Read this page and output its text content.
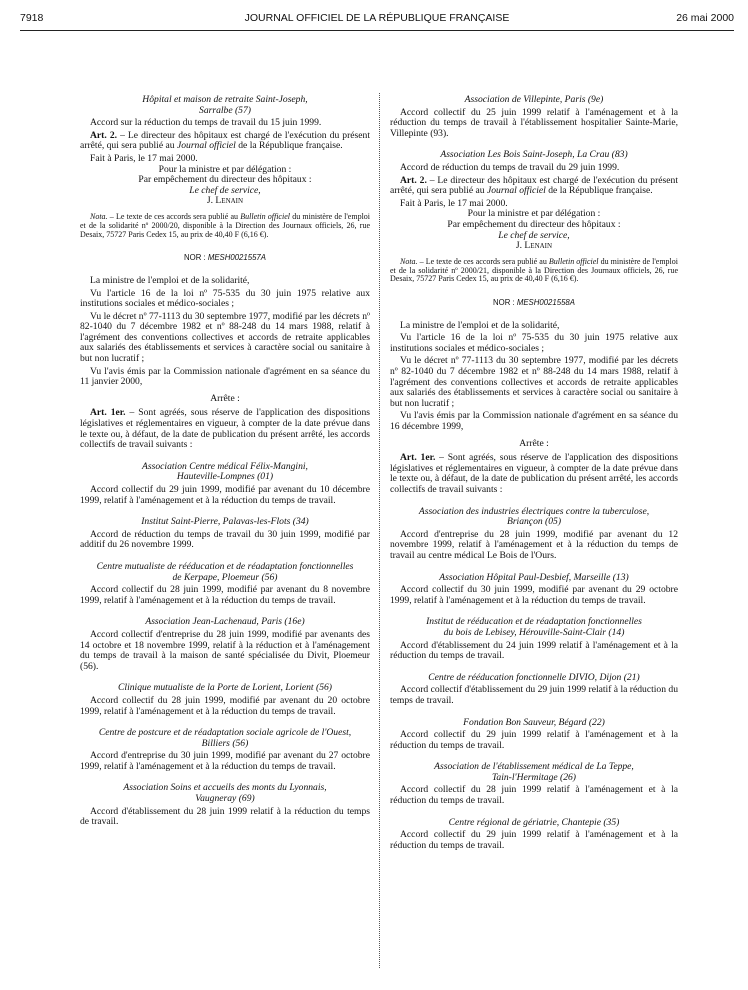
7918	JOURNAL OFFICIEL DE LA RÉPUBLIQUE FRANÇAISE	26 mai 2000
Hôpital et maison de retraite Saint-Joseph,
Sarralbe (57)

Accord sur la réduction du temps de travail du 15 juin 1999.

Art. 2. – Le directeur des hôpitaux est chargé de l'exécution du présent arrêté, qui sera publié au Journal officiel de la République française.

Fait à Paris, le 17 mai 2000.

Pour la ministre et par délégation :

Par empêchement du directeur des hôpitaux :

Le chef de service,

J. Lenain

Nota. – Le texte de ces accords sera publié au Bulletin officiel du ministère de l'emploi et de la solidarité nº 2000/20, disponible à la Direction des Journaux officiels, 26, rue Desaix, 75727 Paris Cedex 15, au prix de 40,40 F (6,16 €).

NOR : MESH0021557A

La ministre de l'emploi et de la solidarité,

Vu l'article 16 de la loi nº 75-535 du 30 juin 1975 relative aux institutions sociales et médico-sociales ;

Vu le décret nº 77-1113 du 30 septembre 1977, modifié par les décrets nº 82-1040 du 7 décembre 1982 et nº 88-248 du 14 mars 1988, relatif à l'agrément des conventions collectives et accords de retraite applicables aux salariés des établissements et services à caractère social ou sanitaire à but non lucratif ;

Vu l'avis émis par la Commission nationale d'agrément en sa séance du 11 janvier 2000,

Arrête :

Art. 1er. – Sont agréés, sous réserve de l'application des dispositions législatives et réglementaires en vigueur, à compter de la date prévue dans le texte ou, à défaut, de la date de publication du présent arrêté, les accords collectifs de travail suivants :

Association Centre médical Félix-Mangini,
Hauteville-Lompnes (01)

Accord collectif du 29 juin 1999, modifié par avenant du 10 décembre 1999, relatif à l'aménagement et à la réduction du temps de travail.

Institut Saint-Pierre, Palavas-les-Flots (34)

Accord de réduction du temps de travail du 30 juin 1999, modifié par additif du 26 novembre 1999.

Centre mutualiste de rééducation et de réadaptation fonctionnelles
de Kerpape, Ploemeur (56)

Accord collectif du 28 juin 1999, modifié par avenant du 8 novembre 1999, relatif à l'aménagement et à la réduction du temps de travail.

Association Jean-Lachenaud, Paris (16e)

Accord collectif d'entreprise du 28 juin 1999, modifié par avenants des 14 octobre et 18 novembre 1999, relatif à la réduction et à l'aménagement du temps de travail à la maison de santé spécialisée du Divit, Ploemeur (56).

Clinique mutualiste de la Porte de Lorient, Lorient (56)

Accord collectif du 28 juin 1999, modifié par avenant du 20 octobre 1999, relatif à l'aménagement et à la réduction du temps de travail.

Centre de postcure et de réadaptation sociale agricole de l'Ouest,
Billiers (56)

Accord d'entreprise du 30 juin 1999, modifié par avenant du 27 octobre 1999, relatif à l'aménagement et à la réduction du temps de travail.

Association Soins et accueils des monts du Lyonnais,
Vaugneray (69)

Accord d'établissement du 28 juin 1999 relatif à la réduction du temps de travail.

Association de Villepinte, Paris (9e)

Accord collectif du 25 juin 1999 relatif à l'aménagement et à la réduction du temps de travail à l'établissement hospitalier Sainte-Marie, Villepinte (93).

Association Les Bois Saint-Joseph, La Crau (83)

Accord de réduction du temps de travail du 29 juin 1999.

Art. 2. – Le directeur des hôpitaux est chargé de l'exécution du présent arrêté, qui sera publié au Journal officiel de la République française.

Fait à Paris, le 17 mai 2000.

Pour la ministre et par délégation :

Par empêchement du directeur des hôpitaux :

Le chef de service,

J. Lenain

Nota. – Le texte de ces accords sera publié au Bulletin officiel du ministère de l'emploi et de la solidarité nº 2000/21, disponible à la Direction des Journaux officiels, 26, rue Desaix, 75727 Paris Cedex 15, au prix de 40,40 F (6,16 €).

NOR : MESH0021558A

La ministre de l'emploi et de la solidarité,

Vu l'article 16 de la loi nº 75-535 du 30 juin 1975 relative aux institutions sociales et médico-sociales ;

Vu le décret nº 77-1113 du 30 septembre 1977, modifié par les décrets nº 82-1040 du 7 décembre 1982 et nº 88-248 du 14 mars 1988, relatif à l'agrément des conventions collectives et accords de retraite applicables aux salariés des établissements et services à caractère social ou sanitaire à but non lucratif ;

Vu l'avis émis par la Commission nationale d'agrément en sa séance du 16 décembre 1999,

Arrête :

Art. 1er. – Sont agréés, sous réserve de l'application des dispositions législatives et réglementaires en vigueur, à compter de la date prévue dans le texte ou, à défaut, de la date de publication du présent arrêté, les accords collectifs de travail suivants :

Association des industries électriques contre la tuberculose,
Briançon (05)

Accord d'entreprise du 28 juin 1999, modifié par avenant du 12 novembre 1999, relatif à l'aménagement et à la réduction du temps de travail au centre médical Le Bois de l'Ours.

Association Hôpital Paul-Desbief, Marseille (13)

Accord collectif du 30 juin 1999, modifié par avenant du 29 octobre 1999, relatif à l'aménagement et à la réduction du temps de travail.

Institut de rééducation et de réadaptation fonctionnelles
du bois de Lebisey, Hérouville-Saint-Clair (14)

Accord d'établissement du 24 juin 1999 relatif à l'aménagement et à la réduction du temps de travail.

Centre de rééducation fonctionnelle DIVIO, Dijon (21)

Accord collectif d'établissement du 29 juin 1999 relatif à la réduction du temps de travail.

Fondation Bon Sauveur, Bégard (22)

Accord collectif du 29 juin 1999 relatif à l'aménagement et à la réduction du temps de travail.

Association de l'établissement médical de La Teppe,
Tain-l'Hermitage (26)

Accord collectif du 28 juin 1999 relatif à l'aménagement et à la réduction du temps de travail.

Centre régional de gériatrie, Chantepie (35)

Accord collectif du 29 juin 1999 relatif à l'aménagement et à la réduction du temps de travail.
